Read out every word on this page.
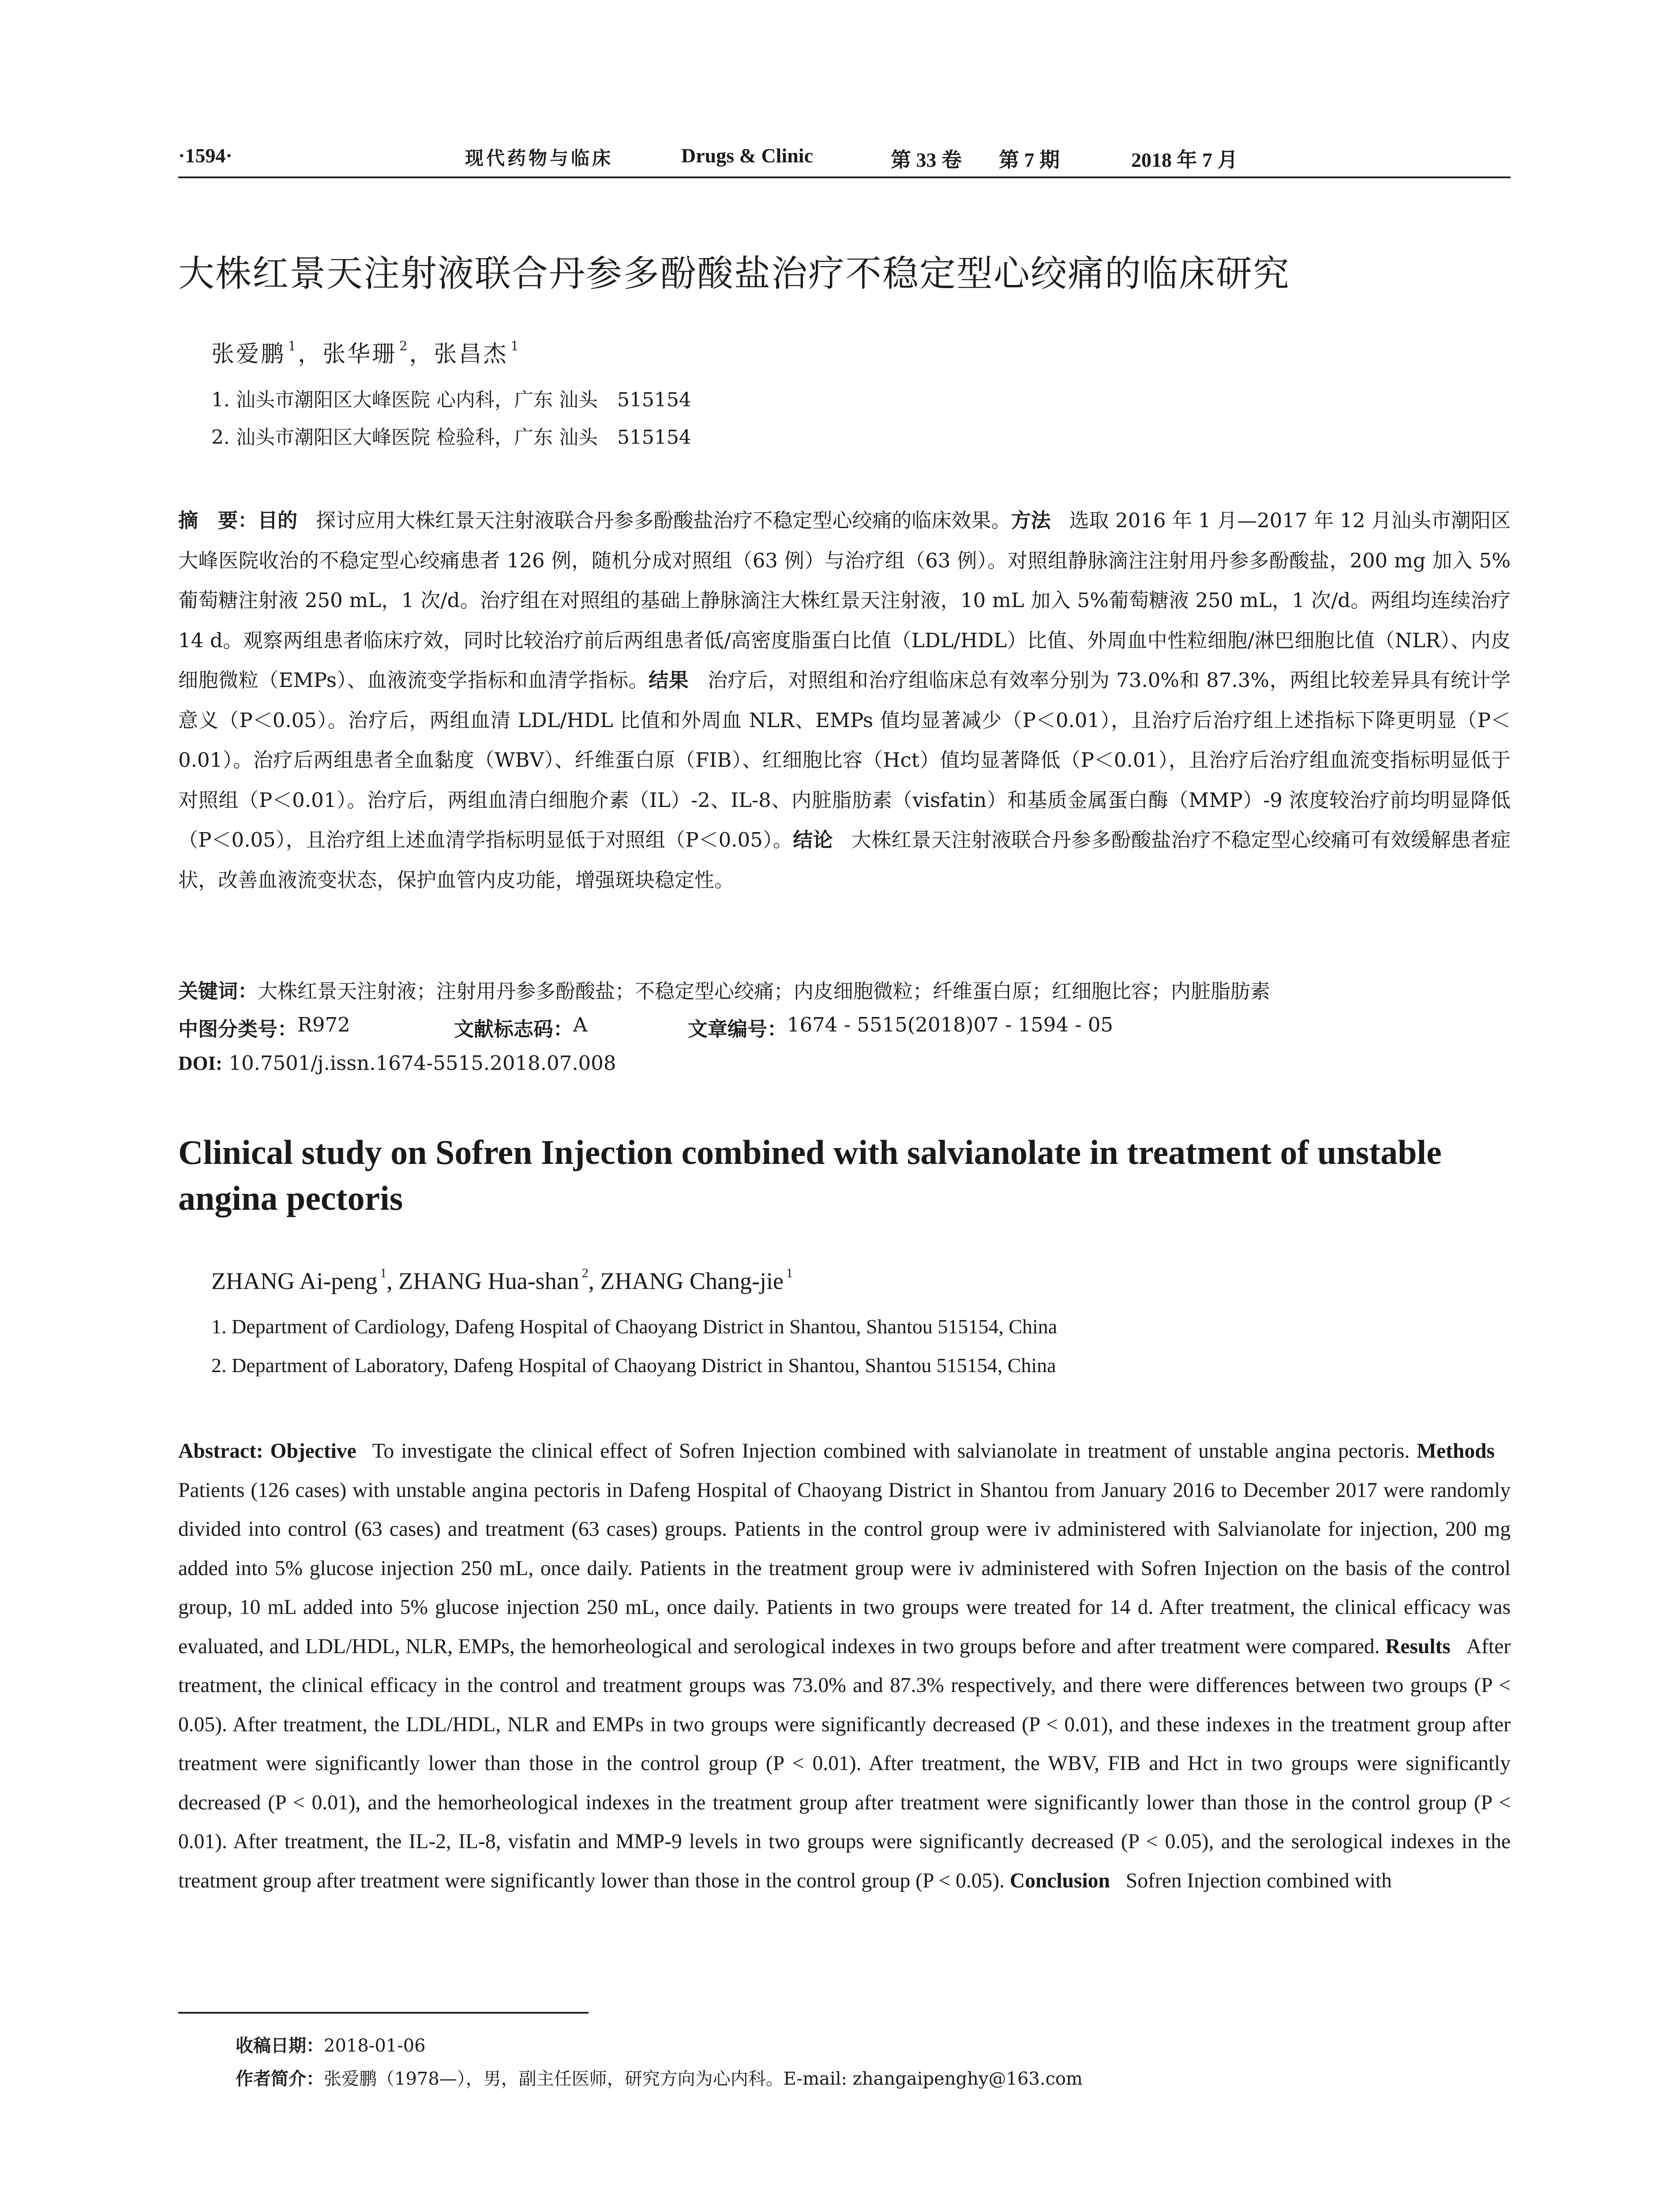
·1594·	现代药物与临床	Drugs & Clinic	第 33 卷 第 7 期	2018 年 7 月
大株红景天注射液联合丹参多酚酸盐治疗不稳定型心绞痛的临床研究
张爱鹏 $^1$，张华珊 $^2$，张昌杰 $^1$
1. 汕头市潮阳区大峰医院 心内科，广东 汕头　515154
2. 汕头市潮阳区大峰医院 检验科，广东 汕头　515154
摘　要：目的 探讨应用大株红景天注射液联合丹参多酚酸盐治疗不稳定型心绞痛的临床效果。方法 选取 2016 年 1 月—2017 年 12 月汕头市潮阳区大峰医院收治的不稳定型心绞痛患者 126 例，随机分成对照组（63 例）与治疗组（63 例）。对照组静脉滴注注射用丹参多酚酸盐，200 mg 加入 5%葡萄糖注射液 250 mL，1 次/d。治疗组在对照组的基础上静脉滴注大株红景天注射液，10 mL 加入 5%葡萄糖液 250 mL，1 次/d。两组均连续治疗 14 d。观察两组患者临床疗效，同时比较治疗前后两组患者低/高密度脂蛋白比值（LDL/HDL）比值、外周血中性粒细胞/淋巴细胞比值（NLR）、内皮细胞微粒（EMPs）、血液流变学指标和血清学指标。结果 治疗后，对照组和治疗组临床总有效率分别为 73.0%和 87.3%，两组比较差异具有统计学意义（P＜0.05）。治疗后，两组血清 LDL/HDL 比值和外周血 NLR、EMPs 值均显著减少（P＜0.01），且治疗后治疗组上述指标下降更明显（P＜0.01）。治疗后两组患者全血黏度（WBV）、纤维蛋白原（FIB）、红细胞比容（Hct）值均显著降低（P＜0.01），且治疗后治疗组血流变指标明显低于对照组（P＜0.01）。治疗后，两组血清白细胞介素（IL）-2、IL-8、内脏脂肪素（visfatin）和基质金属蛋白酶（MMP）-9 浓度较治疗前均明显降低（P＜0.05），且治疗组上述血清学指标明显低于对照组（P＜0.05）。结论 大株红景天注射液联合丹参多酚酸盐治疗不稳定型心绞痛可有效缓解患者症状，改善血液流变状态，保护血管内皮功能，增强斑块稳定性。
关键词：大株红景天注射液；注射用丹参多酚酸盐；不稳定型心绞痛；内皮细胞微粒；纤维蛋白原；红细胞比容；内脏脂肪素
中图分类号： R972	文献标志码： A	文章编号： 1674 - 5515(2018)07 - 1594 - 05
DOI: 10.7501/j.issn.1674-5515.2018.07.008
Clinical study on Sofren Injection combined with salvianolate in treatment of unstable angina pectoris
ZHANG Ai-peng $^1$, ZHANG Hua-shan $^2$, ZHANG Chang-jie $^1$
1. Department of Cardiology, Dafeng Hospital of Chaoyang District in Shantou, Shantou 515154, China
2. Department of Laboratory, Dafeng Hospital of Chaoyang District in Shantou, Shantou 515154, China
Abstract: Objective To investigate the clinical effect of Sofren Injection combined with salvianolate in treatment of unstable angina pectoris. MethodsPatients (126 cases) with unstable angina pectoris in Dafeng Hospital of Chaoyang District in Shantou from January 2016 to December 2017 were randomly divided into control (63 cases) and treatment (63 cases) groups. Patients in the control group were iv administered with Salvianolate for injection, 200 mg added into 5% glucose injection 250 mL, once daily. Patients in the treatment group were iv administered with Sofren Injection on the basis of the control group, 10 mL added into 5% glucose injection 250 mL, once daily. Patients in two groups were treated for 14 d. After treatment, the clinical efficacy was evaluated, and LDL/HDL, NLR, EMPs, the hemorheological and serological indexes in two groups before and after treatment were compared. Results After treatment, the clinical efficacy in the control and treatment groups was 73.0% and 87.3% respectively, and there were differences between two groups (P < 0.05). After treatment, the LDL/HDL, NLR and EMPs in two groups were significantly decreased (P < 0.01), and these indexes in the treatment group after treatment were significantly lower than those in the control group (P < 0.01). After treatment, the WBV, FIB and Hct in two groups were significantly decreased (P < 0.01), and the hemorheological indexes in the treatment group after treatment were significantly lower than those in the control group (P < 0.01). After treatment, the IL-2, IL-8, visfatin and MMP-9 levels in two groups were significantly decreased (P < 0.05), and the serological indexes in the treatment group after treatment were significantly lower than those in the control group (P < 0.05). Conclusion Sofren Injection combined with
收稿日期：2018-01-06
作者简介：张爱鹏（1978—），男，副主任医师，研究方向为心内科。E-mail: zhangaipenghy@163.com
